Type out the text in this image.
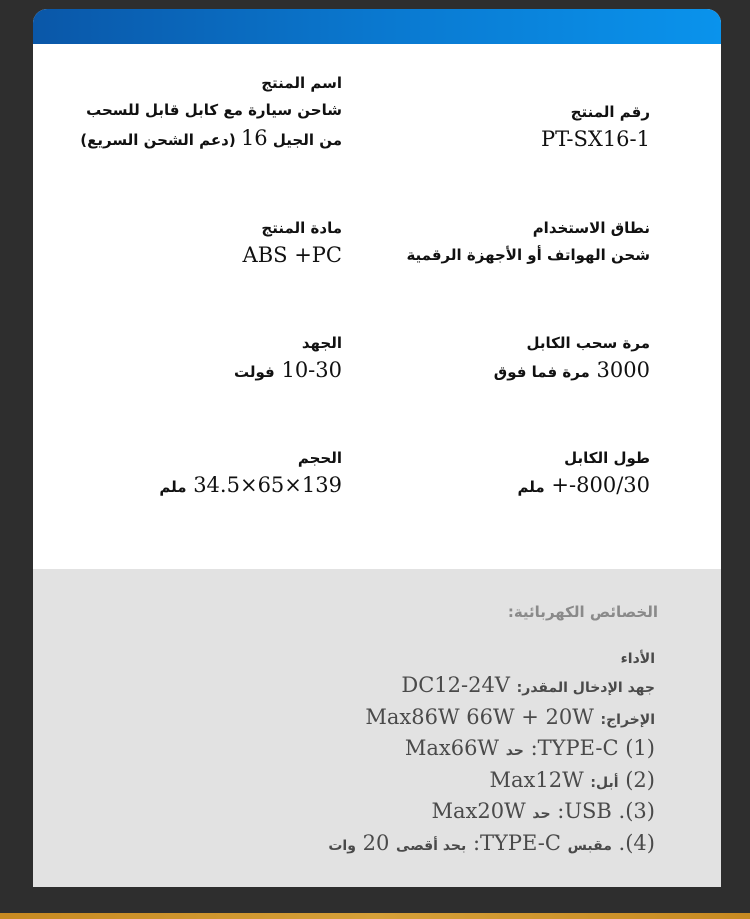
اسم المنتج
شاحن سيارة مع كابل قابل للسحب
من الجيل 16 (دعم الشحن السريع)
رقم المنتج
PT-SX16-1
مادة المنتج
ABS +PC
نطاق الاستخدام
شحن الهواتف أو الأجهزة الرقمية
الجهد
10-30 فولت
مرة سحب الكابل
3000 مرة فما فوق
الحجم
139×65×34.5 ملم
طول الكابل
800/30-+ ملم
الخصائص الكهربائية:
الأداء
جهد الإدخال المقدر: DC12-24V
الإخراج: Max86W 66W + 20W
(1) TYPE-C: حد Max66W
(2) أبل: Max12W
(3). USB: حد Max20W
(4). مقبس TYPE-C: بحد أقصى 20 وات
